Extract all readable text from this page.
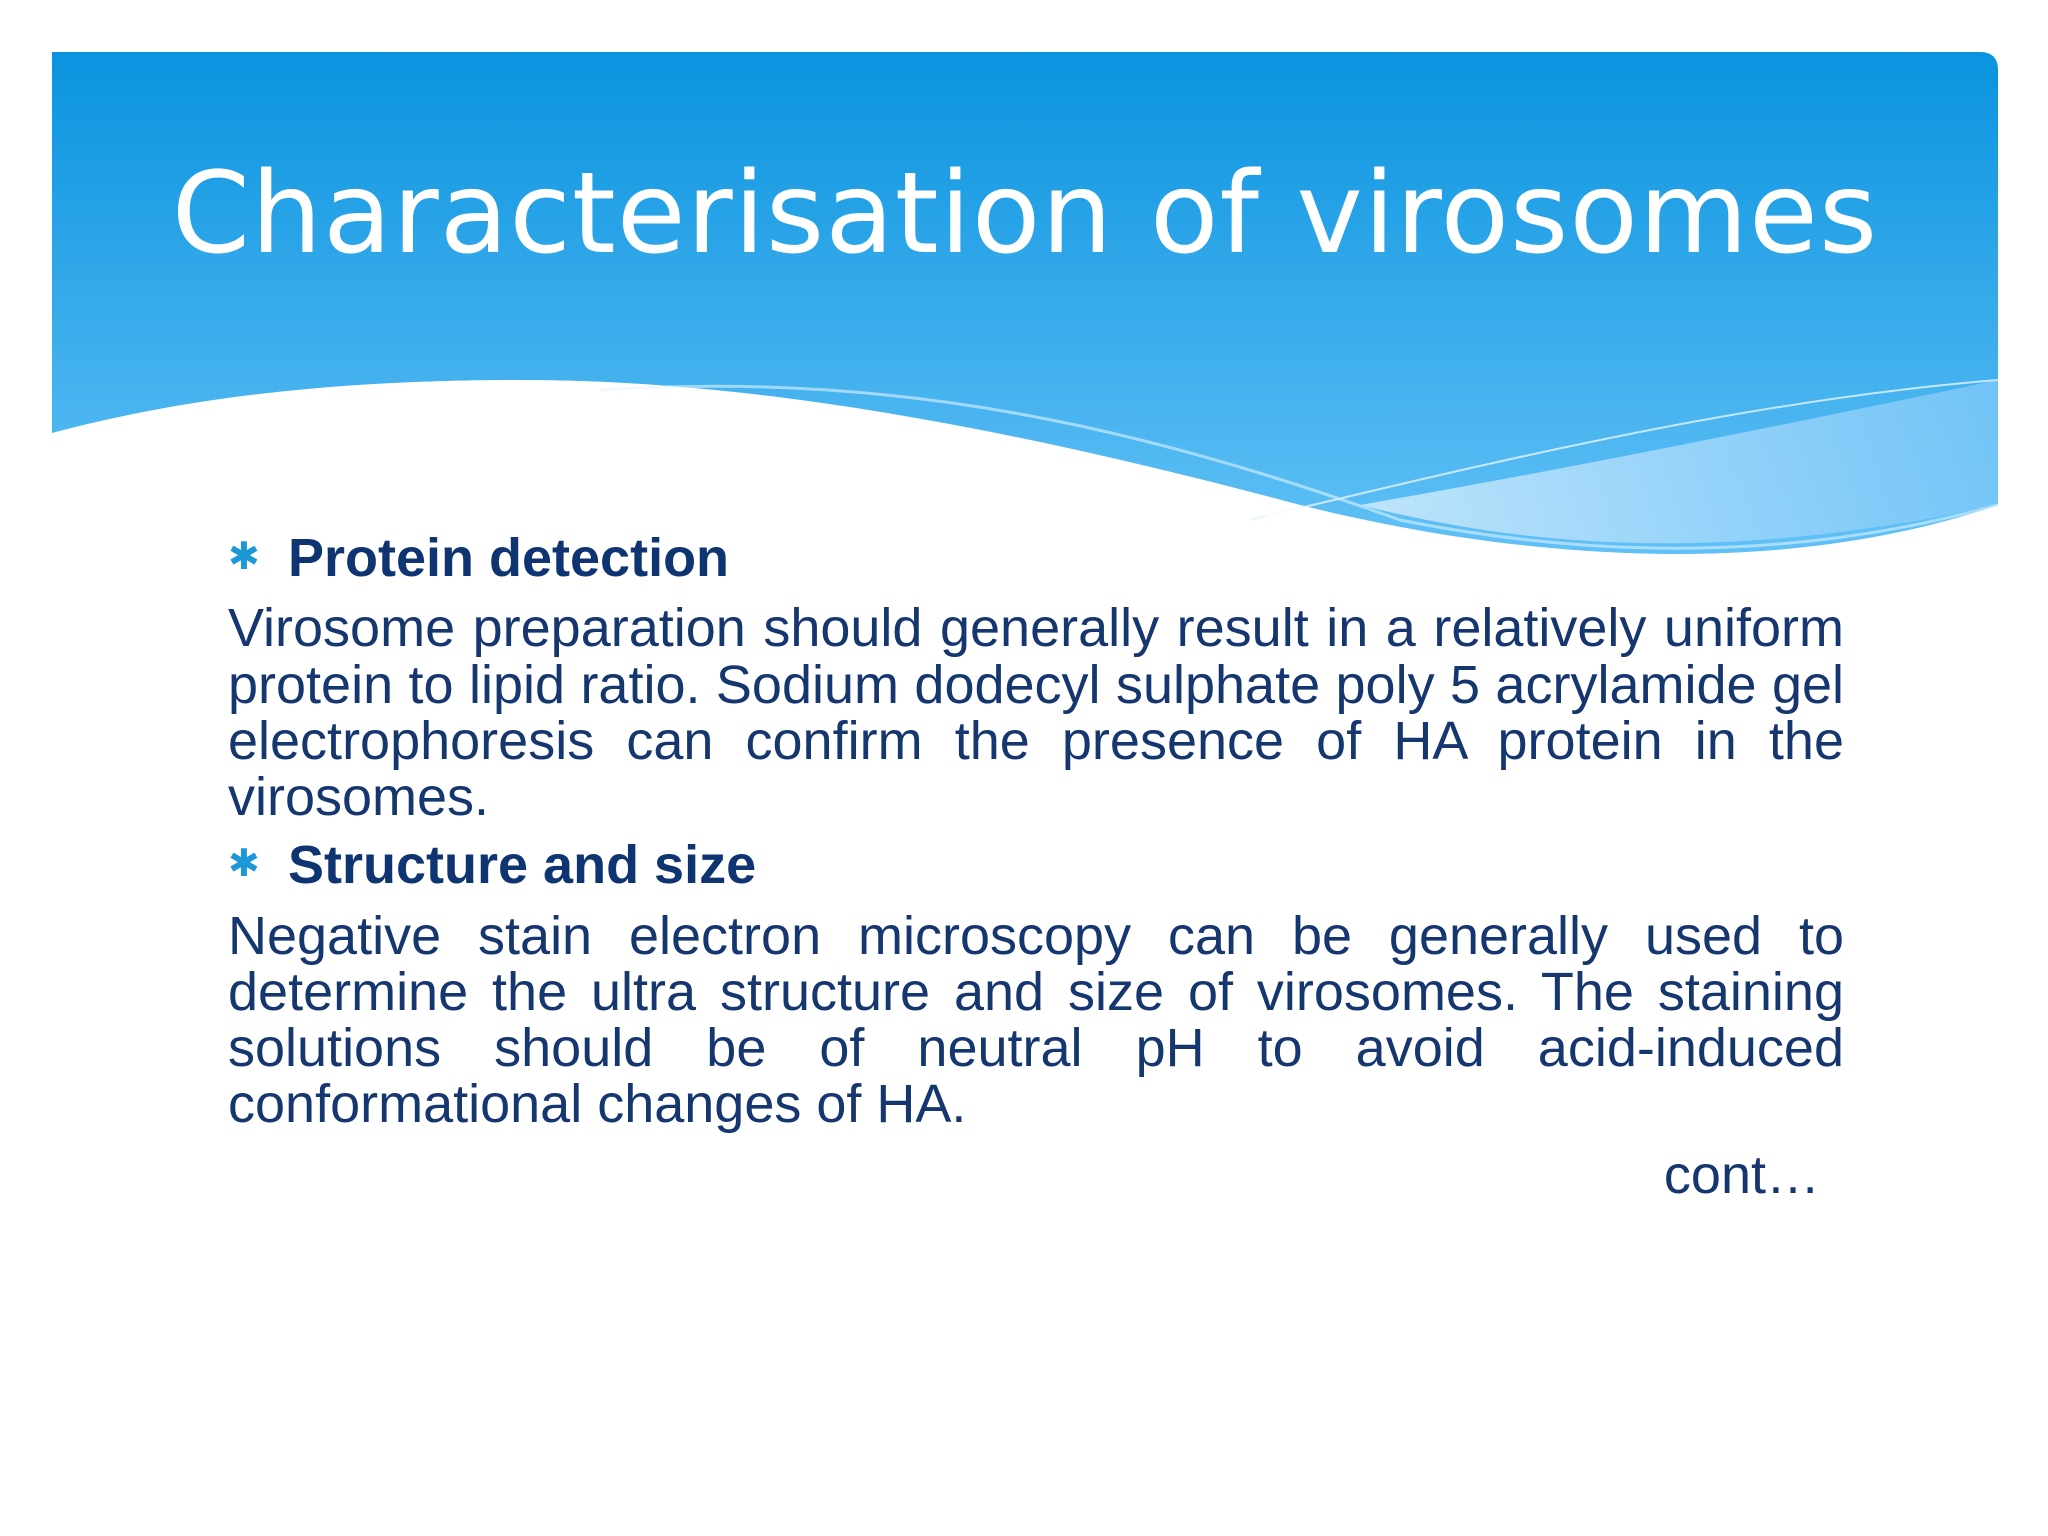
Characterisation of virosomes

✱ Protein detection

Virosome preparation should generally result in a relatively uniform protein to lipid ratio. Sodium dodecyl sulphate poly 5 acrylamide gel electrophoresis can confirm the presence of HA protein in the virosomes.

✱ Structure and size

Negative stain electron microscopy can be generally used to determine the ultra structure and size of virosomes. The staining solutions should be of neutral pH to avoid acid-induced conformational changes of HA.

cont…
